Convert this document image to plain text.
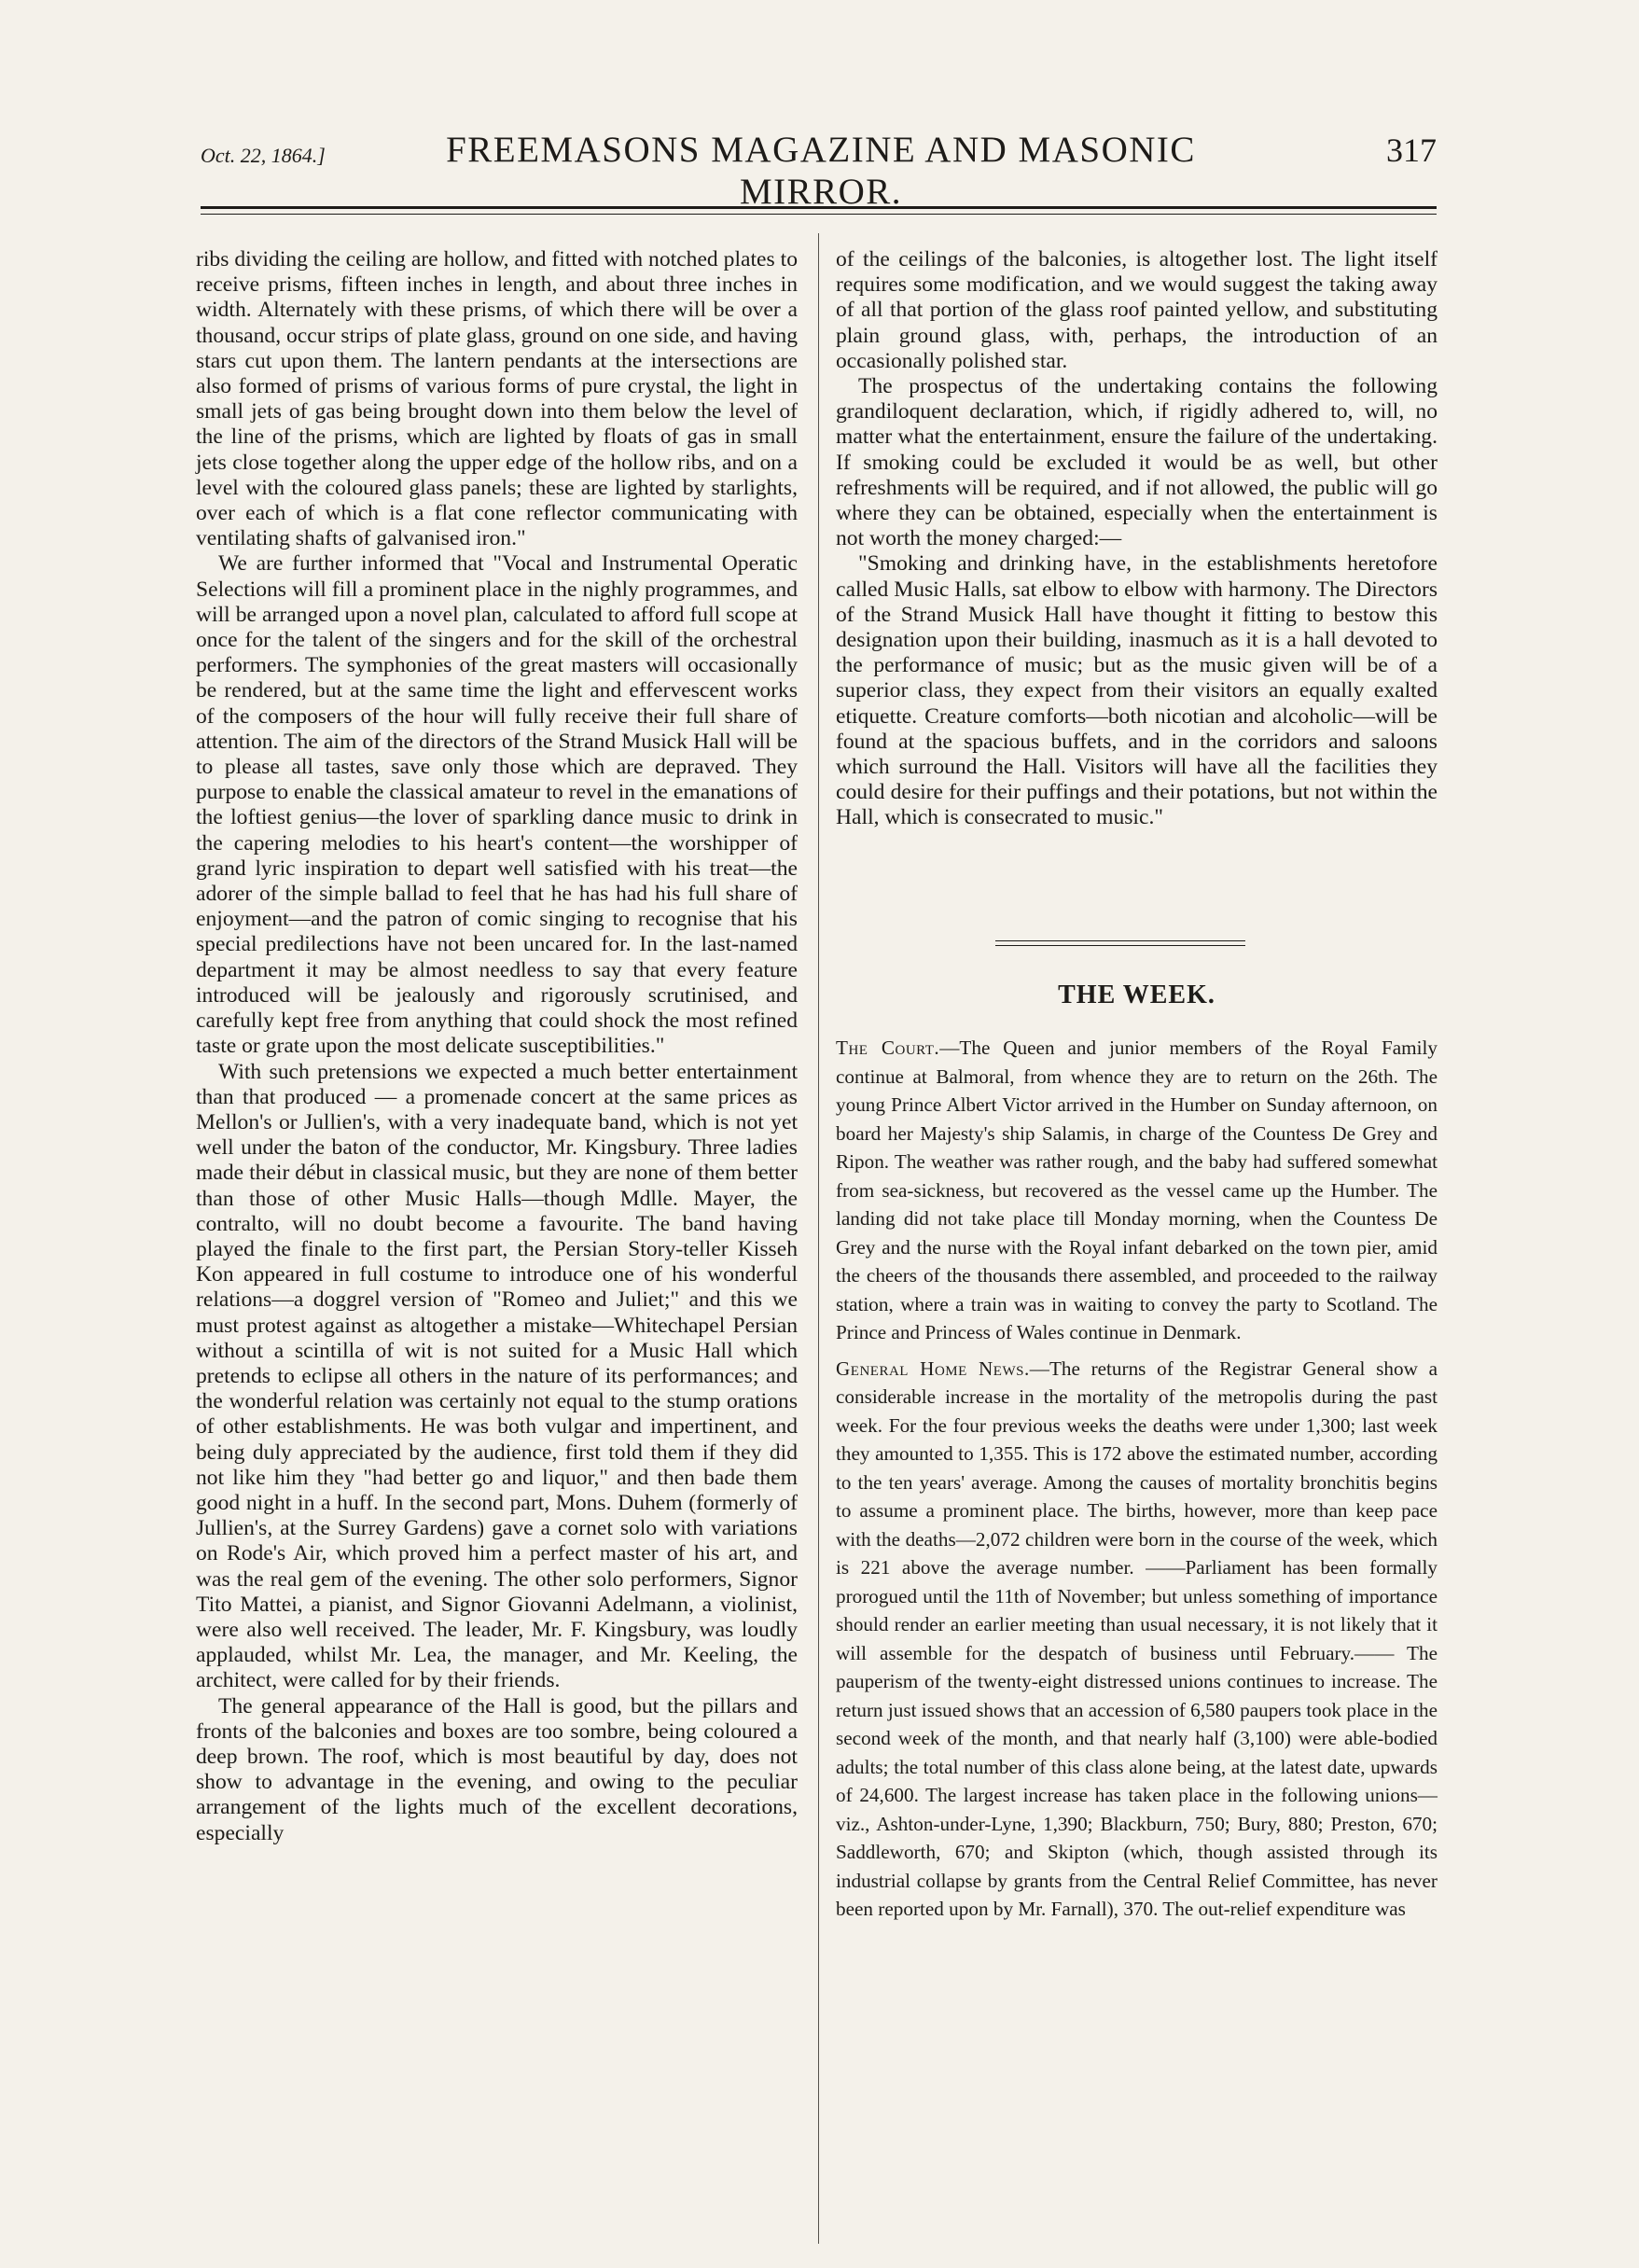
Oct. 22, 1864.]	FREEMASONS MAGAZINE AND MASONIC MIRROR.
317

ribs dividing the ceiling are hollow, and fitted with notched plates to receive prisms, fifteen inches in length, and about three inches in width. Alternately with these prisms, of which there will be over a thousand, occur strips of plate glass, ground on one side, and having stars cut upon them. The lantern pendants at the intersections are also formed of prisms of various forms of pure crystal, the light in small jets of gas being brought down into them below the level of the line of the prisms, which are lighted by floats of gas in small jets close together along the upper edge of the hollow ribs, and on a level with the coloured glass panels; these are lighted by starlights, over each of which is a flat cone reflector communicating with ventilating shafts of galvanised iron."

We are further informed that "Vocal and Instrumental Operatic Selections will fill a prominent place in the nighly programmes, and will be arranged upon a novel plan, calculated to afford full scope at once for the talent of the singers and for the skill of the orchestral performers. The symphonies of the great masters will occasionally be rendered, but at the same time the light and effervescent works of the composers of the hour will fully receive their full share of attention. The aim of the directors of the Strand Musick Hall will be to please all tastes, save only those which are depraved. They purpose to enable the classical amateur to revel in the emanations of the loftiest genius—the lover of sparkling dance music to drink in the capering melodies to his heart's content—the worshipper of grand lyric inspiration to depart well satisfied with his treat—the adorer of the simple ballad to feel that he has had his full share of enjoyment—and the patron of comic singing to recognise that his special predilections have not been uncared for. In the last-named department it may be almost needless to say that every feature introduced will be jealously and rigorously scrutinised, and carefully kept free from anything that could shock the most refined taste or grate upon the most delicate susceptibilities."

With such pretensions we expected a much better entertainment than that produced — a promenade concert at the same prices as Mellon's or Jullien's, with a very inadequate band, which is not yet well under the baton of the conductor, Mr. Kingsbury. Three ladies made their début in classical music, but they are none of them better than those of other Music Halls—though Mdlle. Mayer, the contralto, will no doubt become a favourite. The band having played the finale to the first part, the Persian Story-teller Kisseh Kon appeared in full costume to introduce one of his wonderful relations—a doggrel version of "Romeo and Juliet;" and this we must protest against as altogether a mistake—Whitechapel Persian without a scintilla of wit is not suited for a Music Hall which pretends to eclipse all others in the nature of its performances; and the wonderful relation was certainly not equal to the stump orations of other establishments. He was both vulgar and impertinent, and being duly appreciated by the audience, first told them if they did not like him they "had better go and liquor," and then bade them good night in a huff. In the second part, Mons. Duhem (formerly of Jullien's, at the Surrey Gardens) gave a cornet solo with variations on Rode's Air, which proved him a perfect master of his art, and was the real gem of the evening. The other solo performers, Signor Tito Mattei, a pianist, and Signor Giovanni Adelmann, a violinist, were also well received. The leader, Mr. F. Kingsbury, was loudly applauded, whilst Mr. Lea, the manager, and Mr. Keeling, the architect, were called for by their friends.

The general appearance of the Hall is good, but the pillars and fronts of the balconies and boxes are too sombre, being coloured a deep brown. The roof, which is most beautiful by day, does not show to advantage in the evening, and owing to the peculiar arrangement of the lights much of the excellent decorations, especially

of the ceilings of the balconies, is altogether lost. The light itself requires some modification, and we would suggest the taking away of all that portion of the glass roof painted yellow, and substituting plain ground glass, with, perhaps, the introduction of an occasionally polished star.

The prospectus of the undertaking contains the following grandiloquent declaration, which, if rigidly adhered to, will, no matter what the entertainment, ensure the failure of the undertaking. If smoking could be excluded it would be as well, but other refreshments will be required, and if not allowed, the public will go where they can be obtained, especially when the entertainment is not worth the money charged:—

"Smoking and drinking have, in the establishments heretofore called Music Halls, sat elbow to elbow with harmony. The Directors of the Strand Musick Hall have thought it fitting to bestow this designation upon their building, inasmuch as it is a hall devoted to the performance of music; but as the music given will be of a superior class, they expect from their visitors an equally exalted etiquette. Creature comforts—both nicotian and alcoholic—will be found at the spacious buffets, and in the corridors and saloons which surround the Hall. Visitors will have all the facilities they could desire for their puffings and their potations, but not within the Hall, which is consecrated to music."

THE WEEK.

The Court.—The Queen and junior members of the Royal Family continue at Balmoral, from whence they are to return on the 26th. The young Prince Albert Victor arrived in the Humber on Sunday afternoon, on board her Majesty's ship Salamis, in charge of the Countess De Grey and Ripon. The weather was rather rough, and the baby had suffered somewhat from sea-sickness, but recovered as the vessel came up the Humber. The landing did not take place till Monday morning, when the Countess De Grey and the nurse with the Royal infant debarked on the town pier, amid the cheers of the thousands there assembled, and proceeded to the railway station, where a train was in waiting to convey the party to Scotland. The Prince and Princess of Wales continue in Denmark.

General Home News.—The returns of the Registrar General show a considerable increase in the mortality of the metropolis during the past week. For the four previous weeks the deaths were under 1,300; last week they amounted to 1,355. This is 172 above the estimated number, according to the ten years' average. Among the causes of mortality bronchitis begins to assume a prominent place. The births, however, more than keep pace with the deaths—2,072 children were born in the course of the week, which is 221 above the average number. ——Parliament has been formally prorogued until the 11th of November; but unless something of importance should render an earlier meeting than usual necessary, it is not likely that it will assemble for the despatch of business until February.—— The pauperism of the twenty-eight distressed unions continues to increase. The return just issued shows that an accession of 6,580 paupers took place in the second week of the month, and that nearly half (3,100) were able-bodied adults; the total number of this class alone being, at the latest date, upwards of 24,600. The largest increase has taken place in the following unions—viz., Ashton-under-Lyne, 1,390; Blackburn, 750; Bury, 880; Preston, 670; Saddleworth, 670; and Skipton (which, though assisted through its industrial collapse by grants from the Central Relief Committee, has never been reported upon by Mr. Farnall), 370. The out-relief expenditure was
